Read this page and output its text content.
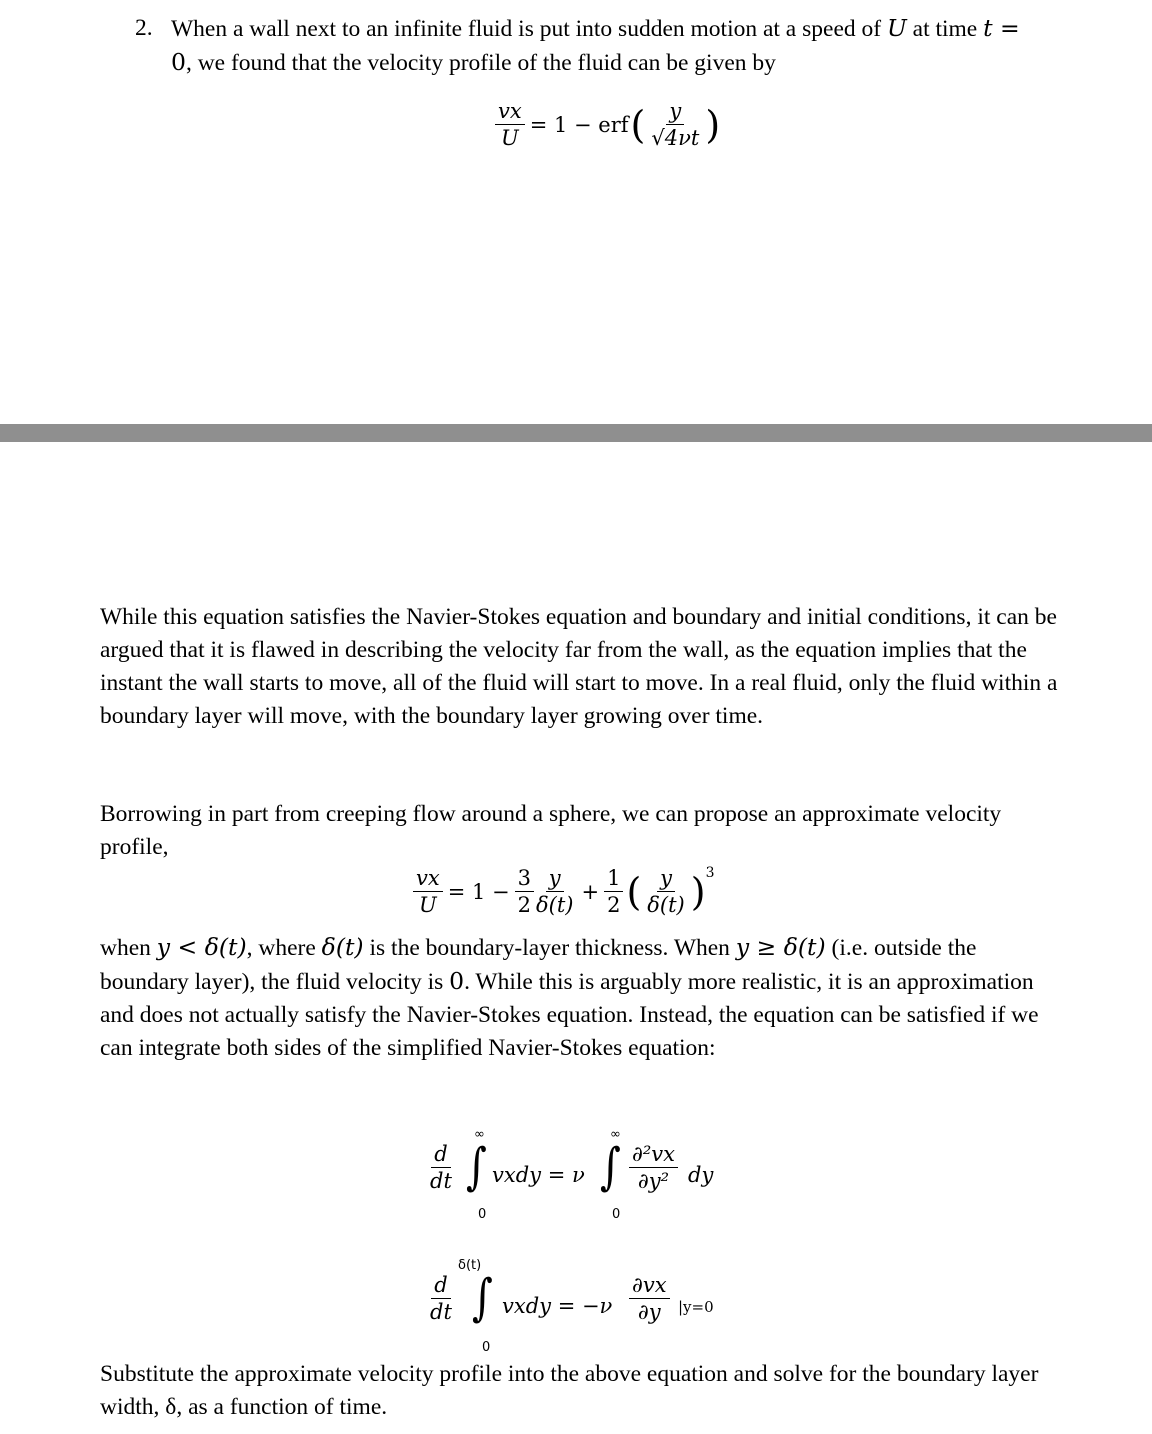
2. When a wall next to an infinite fluid is put into sudden motion at a speed of U at time t =
0, we found that the velocity profile of the fluid can be given by
$\frac{vx}{U} = 1$ − erf ( $\frac{y}{√4\nu t}$ )
While this equation satisfies the Navier-Stokes equation and boundary and initial conditions, it can be argued that it is flawed in describing the velocity far from the wall, as the equation implies that the instant the wall starts to move, all of the fluid will start to move. In a real fluid, only the fluid within a boundary layer will move, with the boundary layer growing over time.
Borrowing in part from creeping flow around a sphere, we can propose an approximate velocity profile,
$\frac{vx}{U} = 1 - \frac{3}{2} \frac{y}{\delta(t)} + \frac{1}{2}$ ( $\frac{y}{\delta(t)}$ ) 3
when y < δ(t), where δ(t) is the boundary-layer thickness. When y ≥ δ(t) (i.e. outside the boundary layer), the fluid velocity is 0. While this is arguably more realistic, it is an approximation and does not actually satisfy the Navier-Stokes equation. Instead, the equation can be satisfied if we can integrate both sides of the simplified Navier-Stokes equation:
$\frac{d}{dt}$
∞
∫
0
vxdy = ν
∞
∫
0
$\frac{\text{∂²vx}}{\text{∂y²}}$ dy
$\frac{d}{dt}$
δ(t)
∫
0
vxdy = $-\nu \frac{\partial vx}{\partial y} |y=0$
Substitute the approximate velocity profile into the above equation and solve for the boundary layer width, δ, as a function of time.
